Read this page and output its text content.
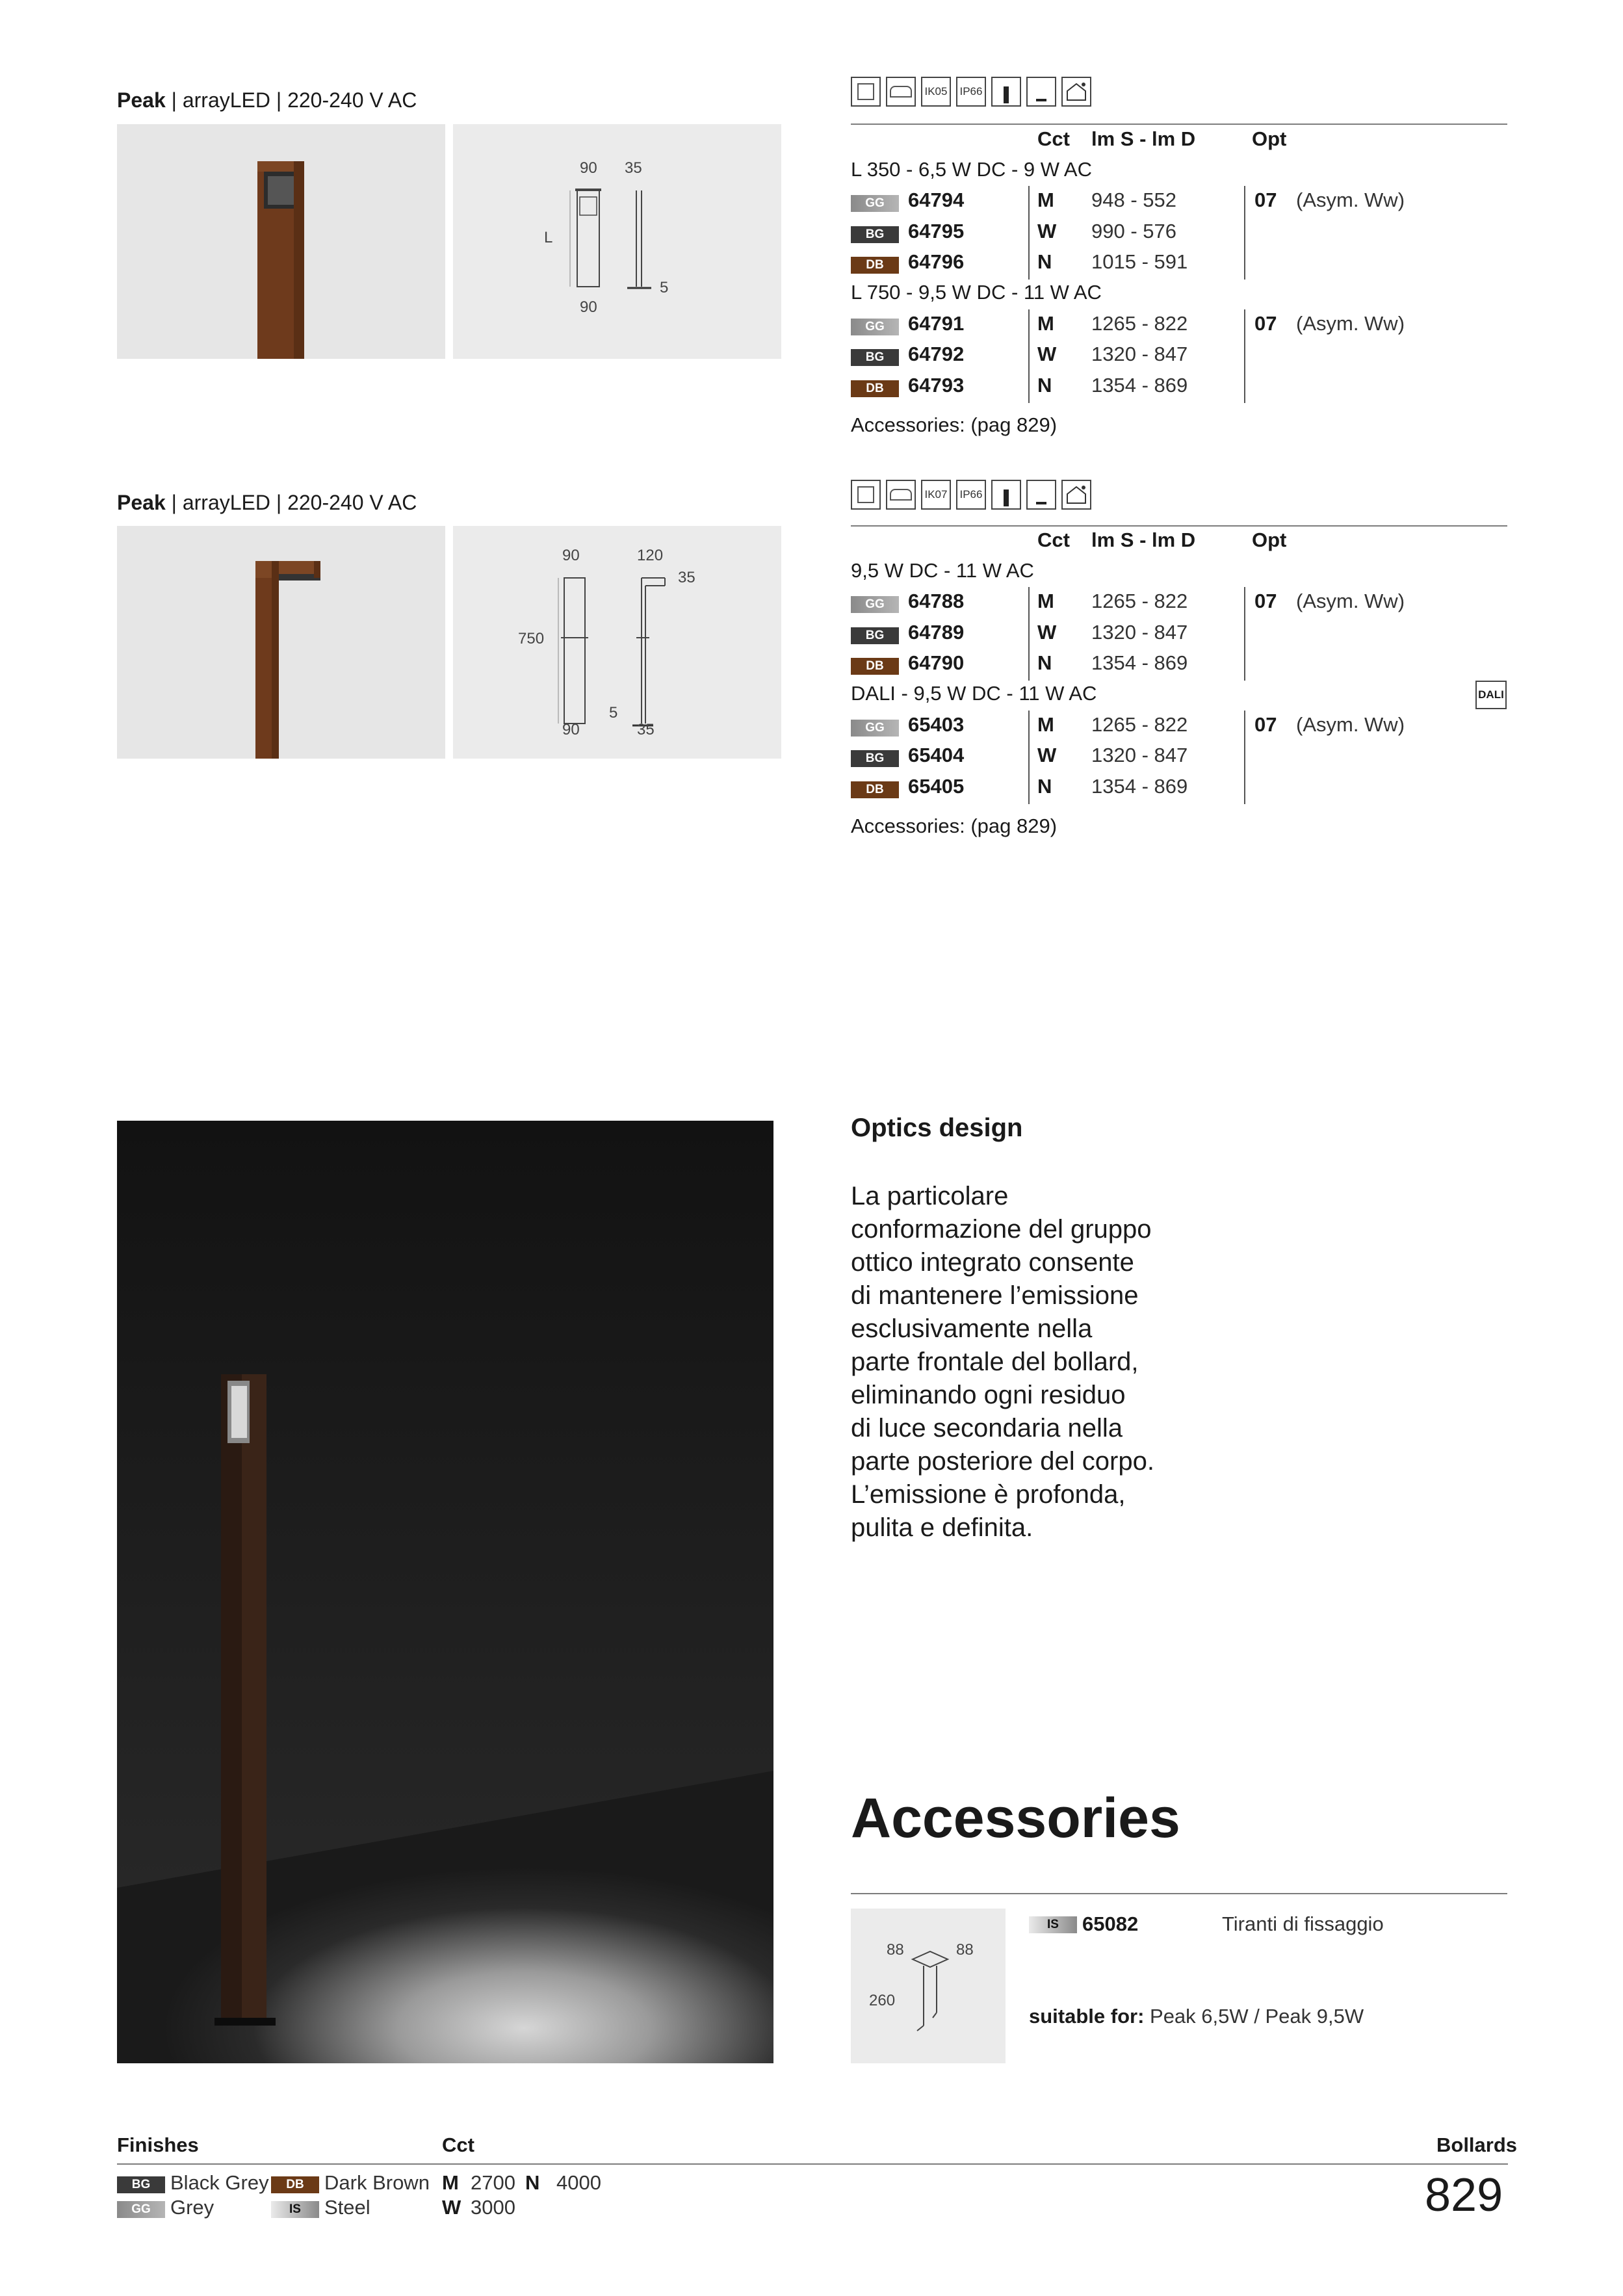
Peak | arrayLED | 220-240 V AC
90 35
L
90
5
IK05	IP66
Cct lm S - lm D	Opt
L 350 - 6,5 W DC - 9 W AC
GG	64794	M 948 - 552	07 (Asym. Ww)
BG	64795	W 990 - 576
DB	64796	N 1015 - 591
L 750 - 9,5 W DC - 11 W AC
GG	64791	M 1265 - 822	07 (Asym. Ww)
BG	64792	W 1320 - 847
DB	64793	N 1354 - 869
Accessories: (pag 829)
Peak | arrayLED | 220-240 V AC
90	120
35
750
5
90	35
IK07	IP66
Cct lm S - lm D	Opt
9,5 W DC - 11 W AC
GG	64788	M 1265 - 822	07 (Asym. Ww)
BG	64789	W 1320 - 847
DB	64790	N 1354 - 869
DALI - 9,5 W DC - 11 W AC	DALI
GG	65403	M 1265 - 822	07 (Asym. Ww)
BG	65404	W 1320 - 847
DB	65405	N 1354 - 869
Accessories: (pag 829)
Optics design
La particolare
conformazione del gruppo
ottico integrato consente
di mantenere l’emissione
esclusivamente nella
parte frontale del bollard,
eliminando ogni residuo
di luce secondaria nella
parte posteriore del corpo.
L’emissione è profonda,
pulita e definita.
Accessories
88	88
260
IS	65082	Tiranti di fissaggio
suitable for: Peak 6,5W / Peak 9,5W
Finishes	Cct	Bollards
BG Black Grey
GG Grey
DB	Dark Brown
IS	Steel
M 2700 N 4000
W 3000	829
